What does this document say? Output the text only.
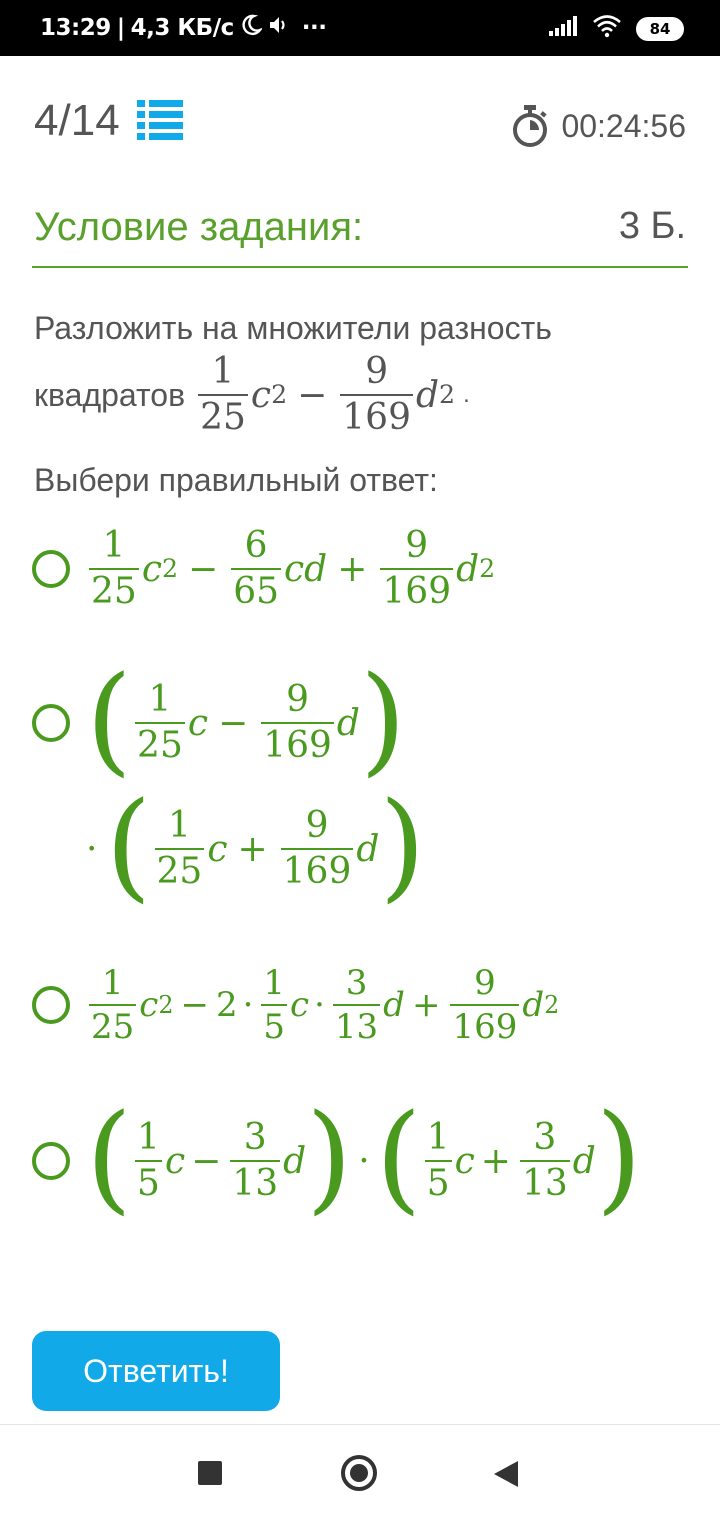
13:29 | 4,3 КБ/с	···	84
4/14	00:24:56
Условие задания:	3 Б.
Разложить на множители разность
квадратов $\frac{1}{25}$ c $2 - \frac{9}{169}$ d 2 .
Выбери правильный ответ:
$\frac{1}{25}$ c $2 - \frac{6}{65}$ cd + $\frac{9}{169}$ d 2
( $\frac{1}{25}$ $c - \frac{9}{169}$ d )
· ( $\frac{1}{25}$ $c + \frac{9}{169}$ d )
$\frac{1}{25}$ c $2 - 2 \cdot \frac{1}{5}$ $c \cdot \frac{3}{13}$ $d + \frac{9}{169}$ d 2
( $\frac{1}{5}$ $c - \frac{3}{13}$ d ) · ( $\frac{1}{5}$ $c + \frac{3}{13}$ d )
Ответить!
